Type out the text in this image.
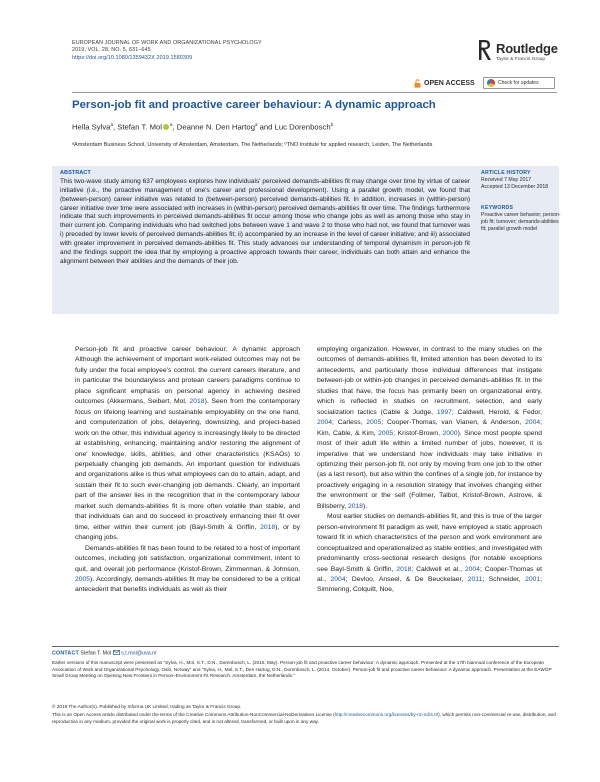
EUROPEAN JOURNAL OF WORK AND ORGANIZATIONAL PSYCHOLOGY
2019, VOL. 28, NO. 5, 631–645
https://doi.org/10.1080/1359432X.2019.1580309
Routledge
Taylor & Francis Group
OPEN ACCESS	Check for updates
Person-job fit and proactive career behaviour: A dynamic approach
Hella Sylva$^a$, Stefan T. Mol $^a$, Deanne N. Den Hartog$^a$ and Luc Dorenbosch$^b$
ᵃAmsterdam Business School, University of Amsterdam, Amsterdam, The Netherlands; ᵇTNO Institute for applied research, Leiden, The Netherlands
ABSTRACT
This two-wave study among 637 employees explores how individuals' perceived demands-abilities fit may change over time by virtue of career initiative (i.e., the proactive management of one's career and professional development). Using a parallel growth model, we found that (between-person) career initiative was related to (between-person) perceived demands-abilities fit. In addition, increases in (within-person) career initiative over time were associated with increases in (within-person) perceived demands-abilities fit over time. The findings furthermore indicate that such improvements in perceived demands-abilities fit occur among those who change jobs as well as among those who stay in their current job. Comparing individuals who had switched jobs between wave 1 and wave 2 to those who had not, we found that turnover was i) preceded by lower levels of perceived demands-abilities fit; ii) accompanied by an increase in the level of career initiative; and iii) associated with greater improvement in perceived demands-abilities fit. This study advances our understanding of temporal dynamism in person-job fit and the findings support the idea that by employing a proactive approach towards their career, individuals can both attain and enhance the alignment between their abilities and the demands of their job.
ARTICLE HISTORY
Received 7 May 2017
Accepted 13 December 2018
KEYWORDS
Proactive career behavior; person-job fit; turnover; demands-abilities fit; parallel growth model

Person-job fit and proactive career behaviour: A dynamic approach Although the achievement of important work-related outcomes may not be fully under the focal employee's control, the current careers literature, and in particular the boundaryless and protean careers paradigms continue to place significant emphasis on personal agency in achieving desired outcomes (Akkermans, Seibert, Mol, 2018). Seen from the contemporary focus on lifelong learning and sustainable employability on the one hand, and computerization of jobs, delayering, downsizing, and project-based work on the other, this individual agency is increasingly likely to be directed at establishing, enhancing, maintaining and/or restoring the alignment of one' knowledge, skills, abilities, and other characteristics (KSAOs) to perpetually changing job demands. An important question for individuals and organizations alike is thus what employees can do to attain, adapt, and sustain their fit to such ever-changing job demands. Clearly, an important part of the answer lies in the recognition that in the contemporary labour market such demands-abilities fit is more often volatile than stable, and that individuals can and do succeed in proactively enhancing their fit over time, either within their current job (Bayl-Smith & Griffin, 2018), or by changing jobs.

Demands-abilities fit has been found to be related to a host of important outcomes, including job satisfaction, organizational commitment, intent to quit, and overall job performance (Kristof-Brown, Zimmerman, & Johnson, 2005). Accordingly, demands-abilities fit may be considered to be a critical antecedent that benefits individuals as well as their

employing organization. However, in contrast to the many studies on the outcomes of demands-abilities fit, limited attention has been devoted to its antecedents, and particularly those individual differences that instigate between-job or within-job changes in perceived demands-abilities fit. In the studies that have, the focus has primarily been on organizational entry, which is reflected in studies on recruitment, selection, and early socialization tactics (Cable & Judge, 1997; Caldwell, Herold, & Fedor, 2004; Carless, 2005; Cooper-Thomas, van Vianen, & Anderson, 2004; Kim, Cable, & Kim, 2005; Kristof-Brown, 2000). Since most people spend most of their adult life within a limited number of jobs, however, it is imperative that we understand how individuals may take initiative in optimizing their person-job fit, not only by moving from one job to the other (as a last resort), but also within the confines of a single job, for instance by proactively engaging in a resolution strategy that involves changing either the environment or the self (Follmer, Talbot, Kristof-Brown, Astrove, & Billsberry, 2018).

Most earlier studies on demands-abilities fit, and this is true of the larger person-environment fit paradigm as well, have employed a static approach toward fit in which characteristics of the person and work environment are conceptualized and operationalized as stable entities, and investigated with predominantly cross-sectional research designs (for notable exceptions see Bayl-Smith & Griffin, 2018; Caldwell et al., 2004; Cooper-Thomas et al., 2004; Devloo, Anseel, & De Beuckelaer, 2011; Schneider, 2001; Simmering, Colquitt, Noe,

CONTACT Stefan T. Mol s.t.mol@uva.nl
Earlier versions of this manuscript were presented as "Sylva, H., Mol, S.T., D.N., Dorenbosch, L. (2015, May). Person-job fit and proactive career behaviour: A dynamic approach. Presented at the 17th biannual conference of the European Association of Work and Organizational Psychology, Oslo, Norway" and "Sylva, H., Mol, S.T., Den Hartog, D.N., Dorenbosch, L. (2014, October). Person-job fit and proactive career behaviour: A dynamic approach. Presentation at the EAWOP Small Group Meeting on Opening New Frontiers in Person–Environment Fit Research. Amsterdam, the Netherlands."
© 2019 The Author(s). Published by Informa UK Limited, trading as Taylor & Francis Group.
This is an Open Access article distributed under the terms of the Creative Commons Attribution-NonCommercial-NoDerivatives License (http://creativecommons.org/licenses/by-nc-nd/4.0/), which permits non-commercial re-use, distribution, and reproduction in any medium, provided the original work is properly cited, and is not altered, transformed, or built upon in any way.
